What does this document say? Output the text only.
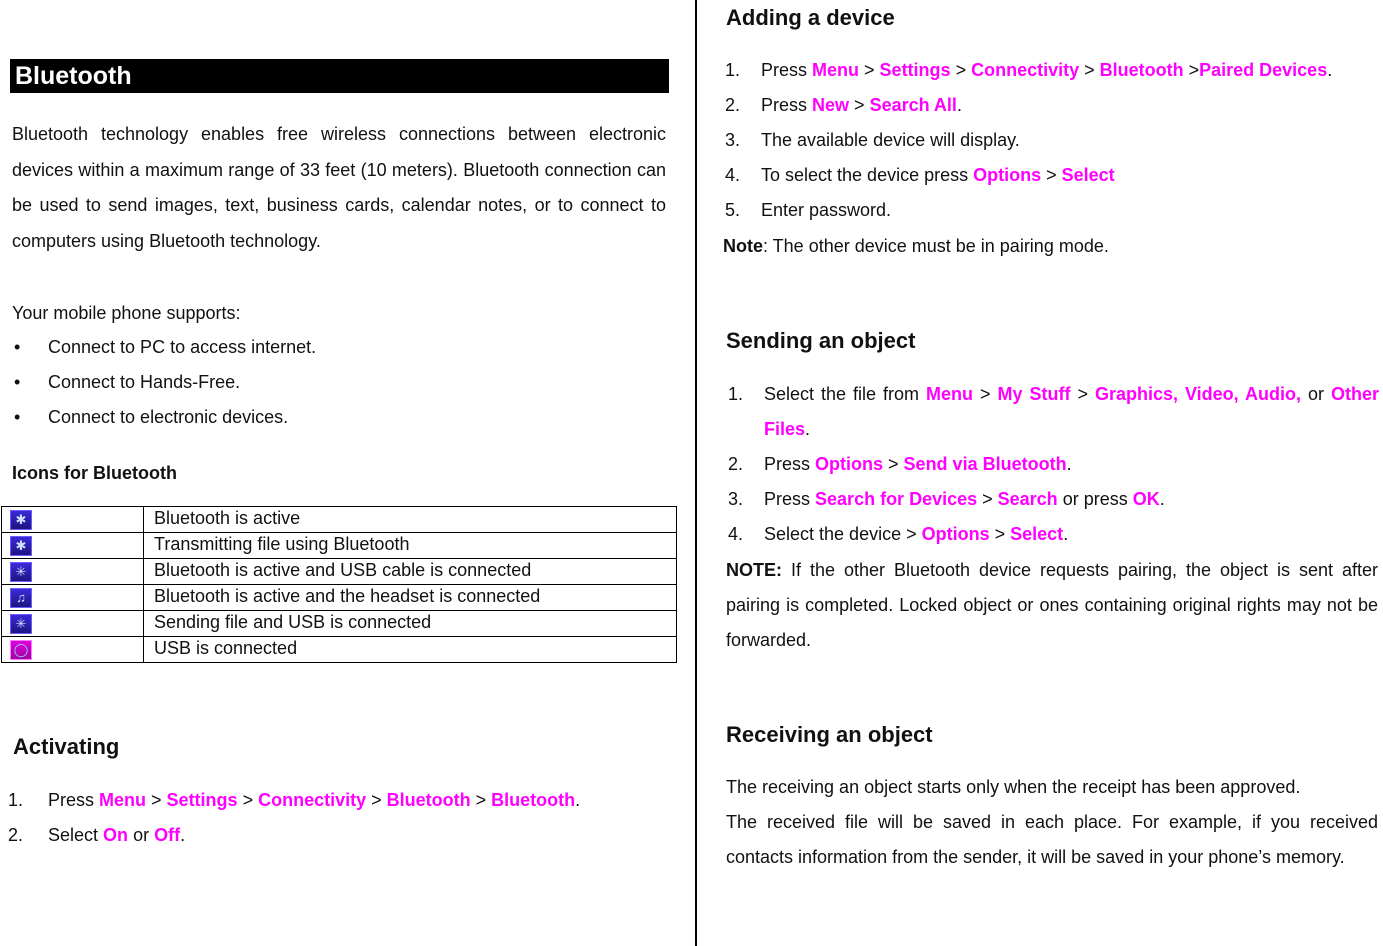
Bluetooth
Bluetooth technology enables free wireless connections between electronic devices within a maximum range of 33 feet (10 meters). Bluetooth connection can be used to send images, text, business cards, calendar notes, or to connect to computers using Bluetooth technology.
Your mobile phone supports:
• Connect to PC to access internet.
• Connect to Hands-Free.
• Connect to electronic devices.
Icons for Bluetooth
✱	Bluetooth is active
✱	Transmitting file using Bluetooth
✳	Bluetooth is active and USB cable is connected
♫	Bluetooth is active and the headset is connected
✳	Sending file and USB is connected
◯	USB is connected
Activating
1. Press Menu > Settings > Connectivity > Bluetooth > Bluetooth.
2. Select On or Off.
Adding a device
1. Press Menu > Settings > Connectivity > Bluetooth >Paired Devices.
2. Press New > Search All.
3. The available device will display.
4. To select the device press Options > Select
5. Enter password.
Note: The other device must be in pairing mode.
Sending an object
1. Select the file from Menu > My Stuff > Graphics, Video, Audio, or Other Files.
2. Press Options > Send via Bluetooth.
3. Press Search for Devices > Search or press OK.
4. Select the device > Options > Select.
NOTE: If the other Bluetooth device requests pairing, the object is sent after pairing is completed. Locked object or ones containing original rights may not be forwarded.
Receiving an object
The receiving an object starts only when the receipt has been approved.
The received file will be saved in each place. For example, if you received contacts information from the sender, it will be saved in your phone’s memory.
